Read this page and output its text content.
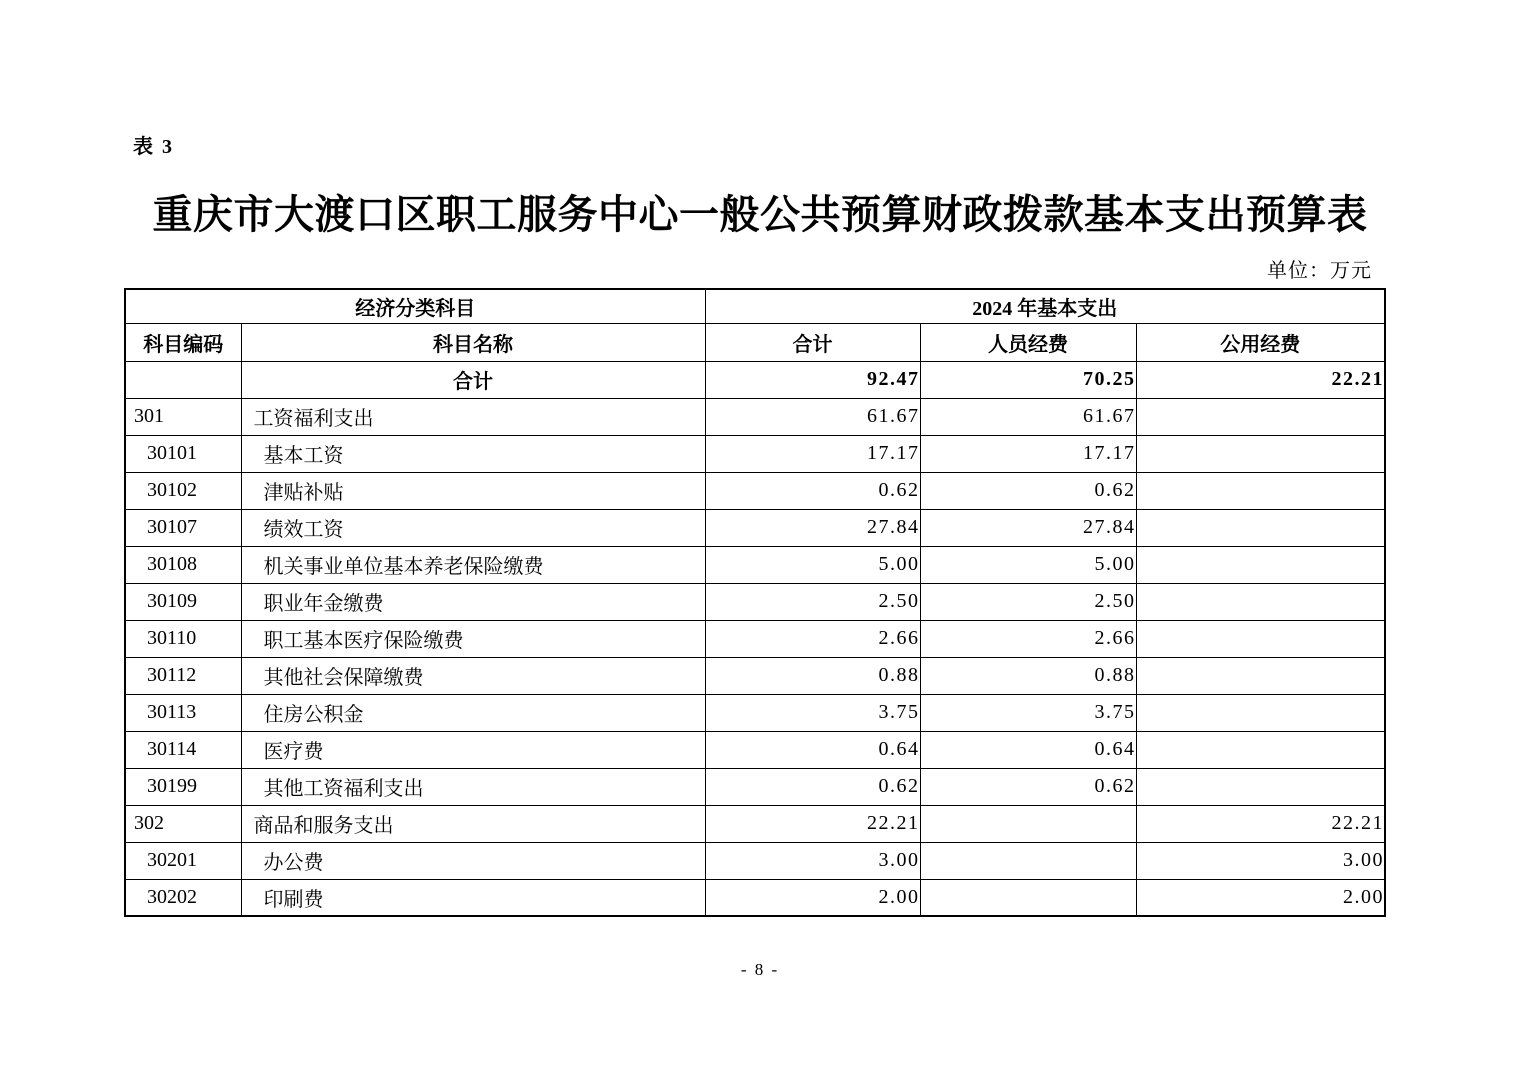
表 3
重庆市大渡口区职工服务中心一般公共预算财政拨款基本支出预算表
单位：万元
经济分类科目		2024 年基本支出		
科目编码	科目名称	合计	人员经费	公用经费
	合计	92.47	70.25	22.21
301	工资福利支出	61.67	61.67	
30101	基本工资	17.17	17.17	
30102	津贴补贴	0.62	0.62	
30107	绩效工资	27.84	27.84	
30108	机关事业单位基本养老保险缴费	5.00	5.00	
30109	职业年金缴费	2.50	2.50	
30110	职工基本医疗保险缴费	2.66	2.66	
30112	其他社会保障缴费	0.88	0.88	
30113	住房公积金	3.75	3.75	
30114	医疗费	0.64	0.64	
30199	其他工资福利支出	0.62	0.62	
302	商品和服务支出	22.21		22.21
30201	办公费	3.00		3.00
30202	印刷费	2.00		2.00
- 8 -
